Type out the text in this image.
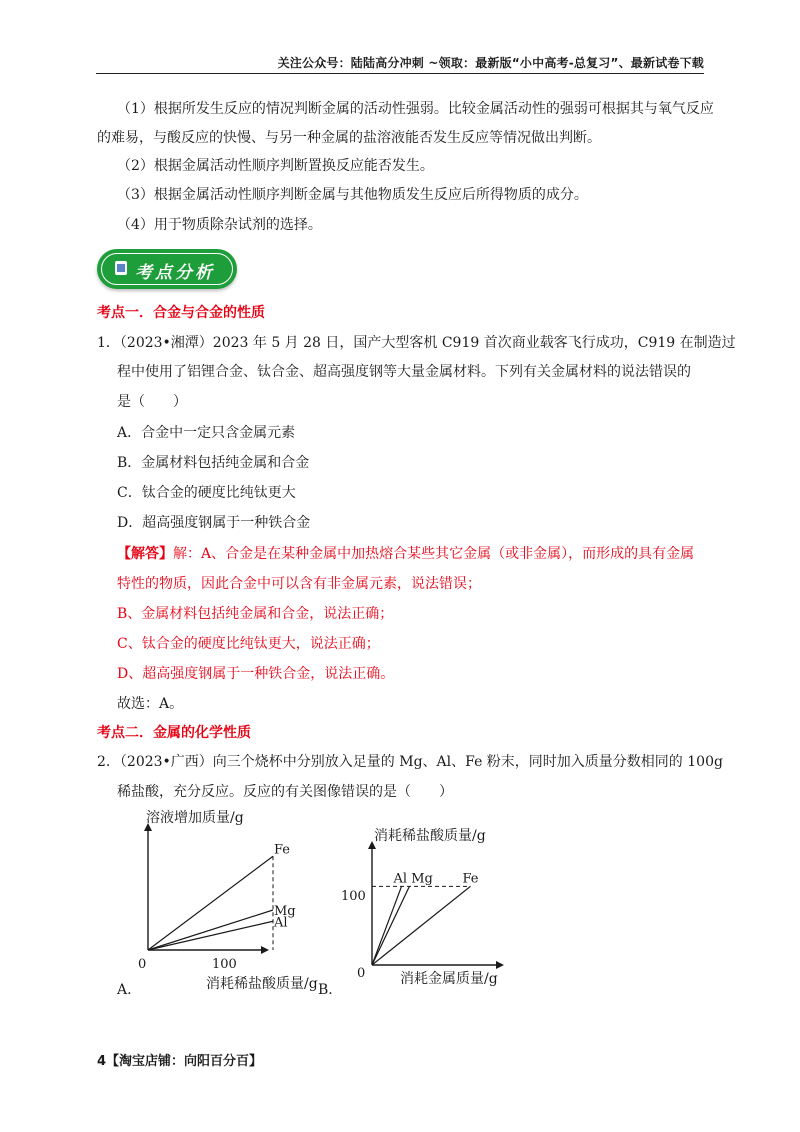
关注公众号：陆陆高分冲刺 ~领取：最新版“小中高考-总复习”、最新试卷下载
（1）根据所发生反应的情况判断金属的活动性强弱。比较金属活动性的强弱可根据其与氧气反应
的难易，与酸反应的快慢、与另一种金属的盐溶液能否发生反应等情况做出判断。
（2）根据金属活动性顺序判断置换反应能否发生。
（3）根据金属活动性顺序判断金属与其他物质发生反应后所得物质的成分。
（4）用于物质除杂试剂的选择。
考点分析
考点一．合金与合金的性质
1．（2023•湘潭）2023 年 5 月 28 日，国产大型客机 C919 首次商业载客飞行成功，C919 在制造过
程中使用了铝锂合金、钛合金、超高强度钢等大量金属材料。下列有关金属材料的说法错误的
是（　　）
A．合金中一定只含金属元素
B．金属材料包括纯金属和合金
C．钛合金的硬度比纯钛更大
D．超高强度钢属于一种铁合金
【解答】解：A、合金是在某种金属中加热熔合某些其它金属（或非金属），而形成的具有金属
特性的物质，因此合金中可以含有非金属元素，说法错误；
B、金属材料包括纯金属和合金，说法正确；
C、钛合金的硬度比纯钛更大，说法正确；
D、超高强度钢属于一种铁合金，说法正确。
故选：A。
考点二．金属的化学性质
2．（2023•广西）向三个烧杯中分别放入足量的 Mg、Al、Fe 粉末，同时加入质量分数相同的 100g
稀盐酸，充分反应。反应的有关图像错误的是（　　）
Fe
Mg
Al
溶液增加质量/g
消耗稀盐酸质量/g
0	100
A.
Al Mg Fe
消耗稀盐酸质量/g
消耗金属质量/g
0
100
B.
4【淘宝店铺：向阳百分百】
